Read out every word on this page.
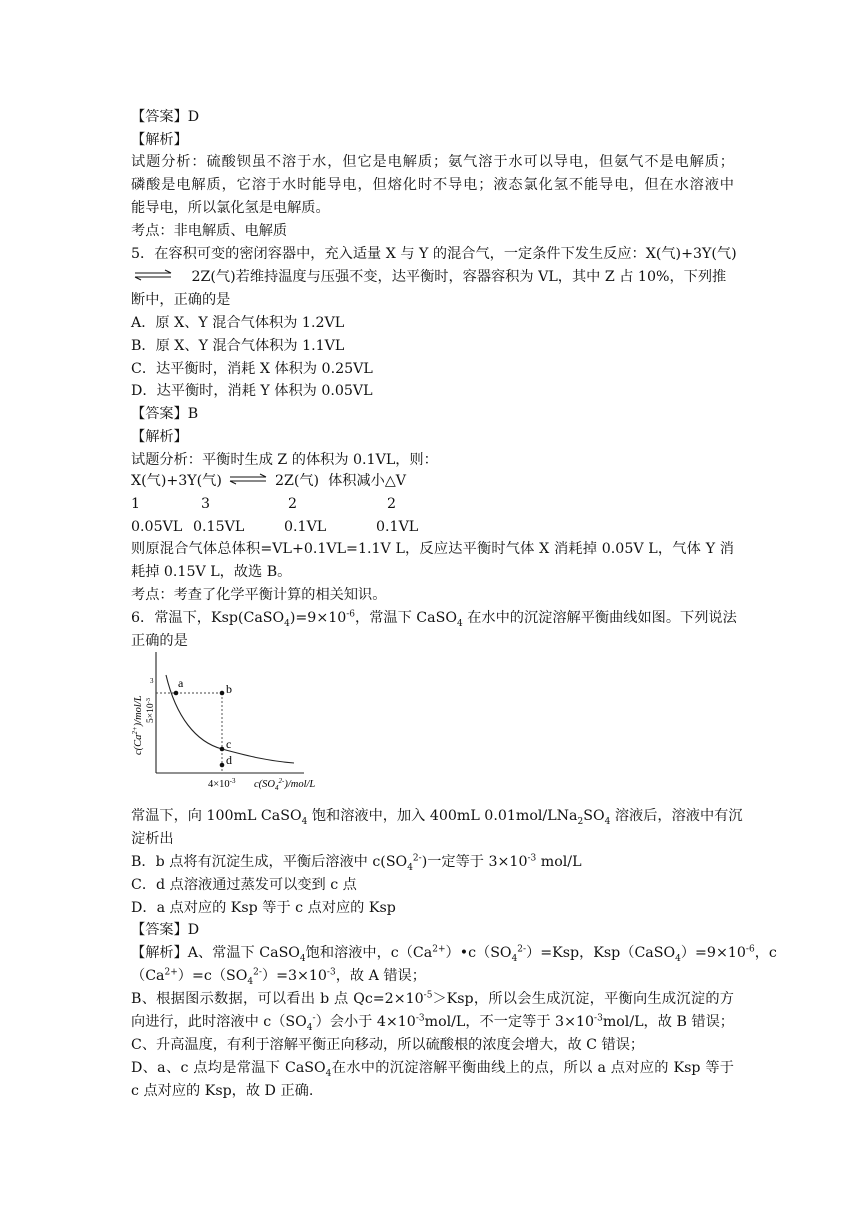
【答案】D
【解析】
试题分析：硫酸钡虽不溶于水，但它是电解质；氨气溶于水可以导电，但氨气不是电解质；
磷酸是电解质，它溶于水时能导电，但熔化时不导电；液态氯化氢不能导电，但在水溶液中
能导电，所以氯化氢是电解质。
考点：非电解质、电解质
5．在容积可变的密闭容器中，充入适量 X 与 Y 的混合气，一定条件下发生反应：X(气)+3Y(气)
⇌ 2Z(气)若维持温度与压强不变，达平衡时，容器容积为 VL，其中 Z 占 10%，下列推
断中，正确的是
A．原 X、Y 混合气体积为 1.2VL
B．原 X、Y 混合气体积为 1.1VL
C．达平衡时，消耗 X 体积为 0.25VL
D．达平衡时，消耗 Y 体积为 0.05VL
【答案】B
【解析】
试题分析：平衡时生成 Z 的体积为 0.1VL，则：
X(气)+3Y(气) ⇌ 2Z(气)  体积减小△V
1	3	2	2
0.05VL 0.15VL	0.1VL	0.1VL
则原混合气体总体积=VL+0.1VL=1.1V L，反应达平衡时气体 X 消耗掉 0.05V L，气体 Y 消
耗掉 0.15V L，故选 B。
考点：考查了化学平衡计算的相关知识。
6．常温下，$Ksp(CaSO_4)=9\times 10^{-6}$，常温下 CaSO$_4$ 在水中的沉淀溶解平衡曲线如图。下列说法
正确的是
a	b
c
d
$c(Ca^{2+})/mol/L$ $5\times 10^{-3}$
3
$4\times 10^{-3}$ $c(SO_4^{2-})/mol/L$
常温下，向 100mL CaSO$_4$ 饱和溶液中，加入 400mL $0.01mol/LNa_2SO_4$ 溶液后，溶液中有沉
淀析出
B．b 点将有沉淀生成，平衡后溶液中 $c(SO_4^{2-})$一定等于 $3\times 10^{-3}$ mol/L
C．d 点溶液通过蒸发可以变到 c 点
D．a 点对应的 Ksp 等于 c 点对应的 Ksp
【答案】D
【解析】A、常温下 CaSO$_4$饱和溶液中，$c(Ca^{2+})•c(SO_4^{2-})=Ksp$，$Ksp(CaSO_4)=9\times 10^{-6}$，c
$(Ca^{2+})=c(SO_4^{2-})=3\times 10^{-3}$，故 A 错误；
B、根据图示数据，可以看出 b 点 $Qc=2\times 10^{-5}>Ksp$，所以会生成沉淀，平衡向生成沉淀的方
向进行，此时溶液中 $c(SO_4^-)$会小于 $4\times 10^{-3}mol/L$，不一定等于 $3\times 10^{-3}mol/L$，故 B 错误；
C、升高温度，有利于溶解平衡正向移动，所以硫酸根的浓度会增大，故 C 错误；
D、a、c 点均是常温下 CaSO$_4$在水中的沉淀溶解平衡曲线上的点，所以 a 点对应的 Ksp 等于
c 点对应的 Ksp，故 D 正确.
